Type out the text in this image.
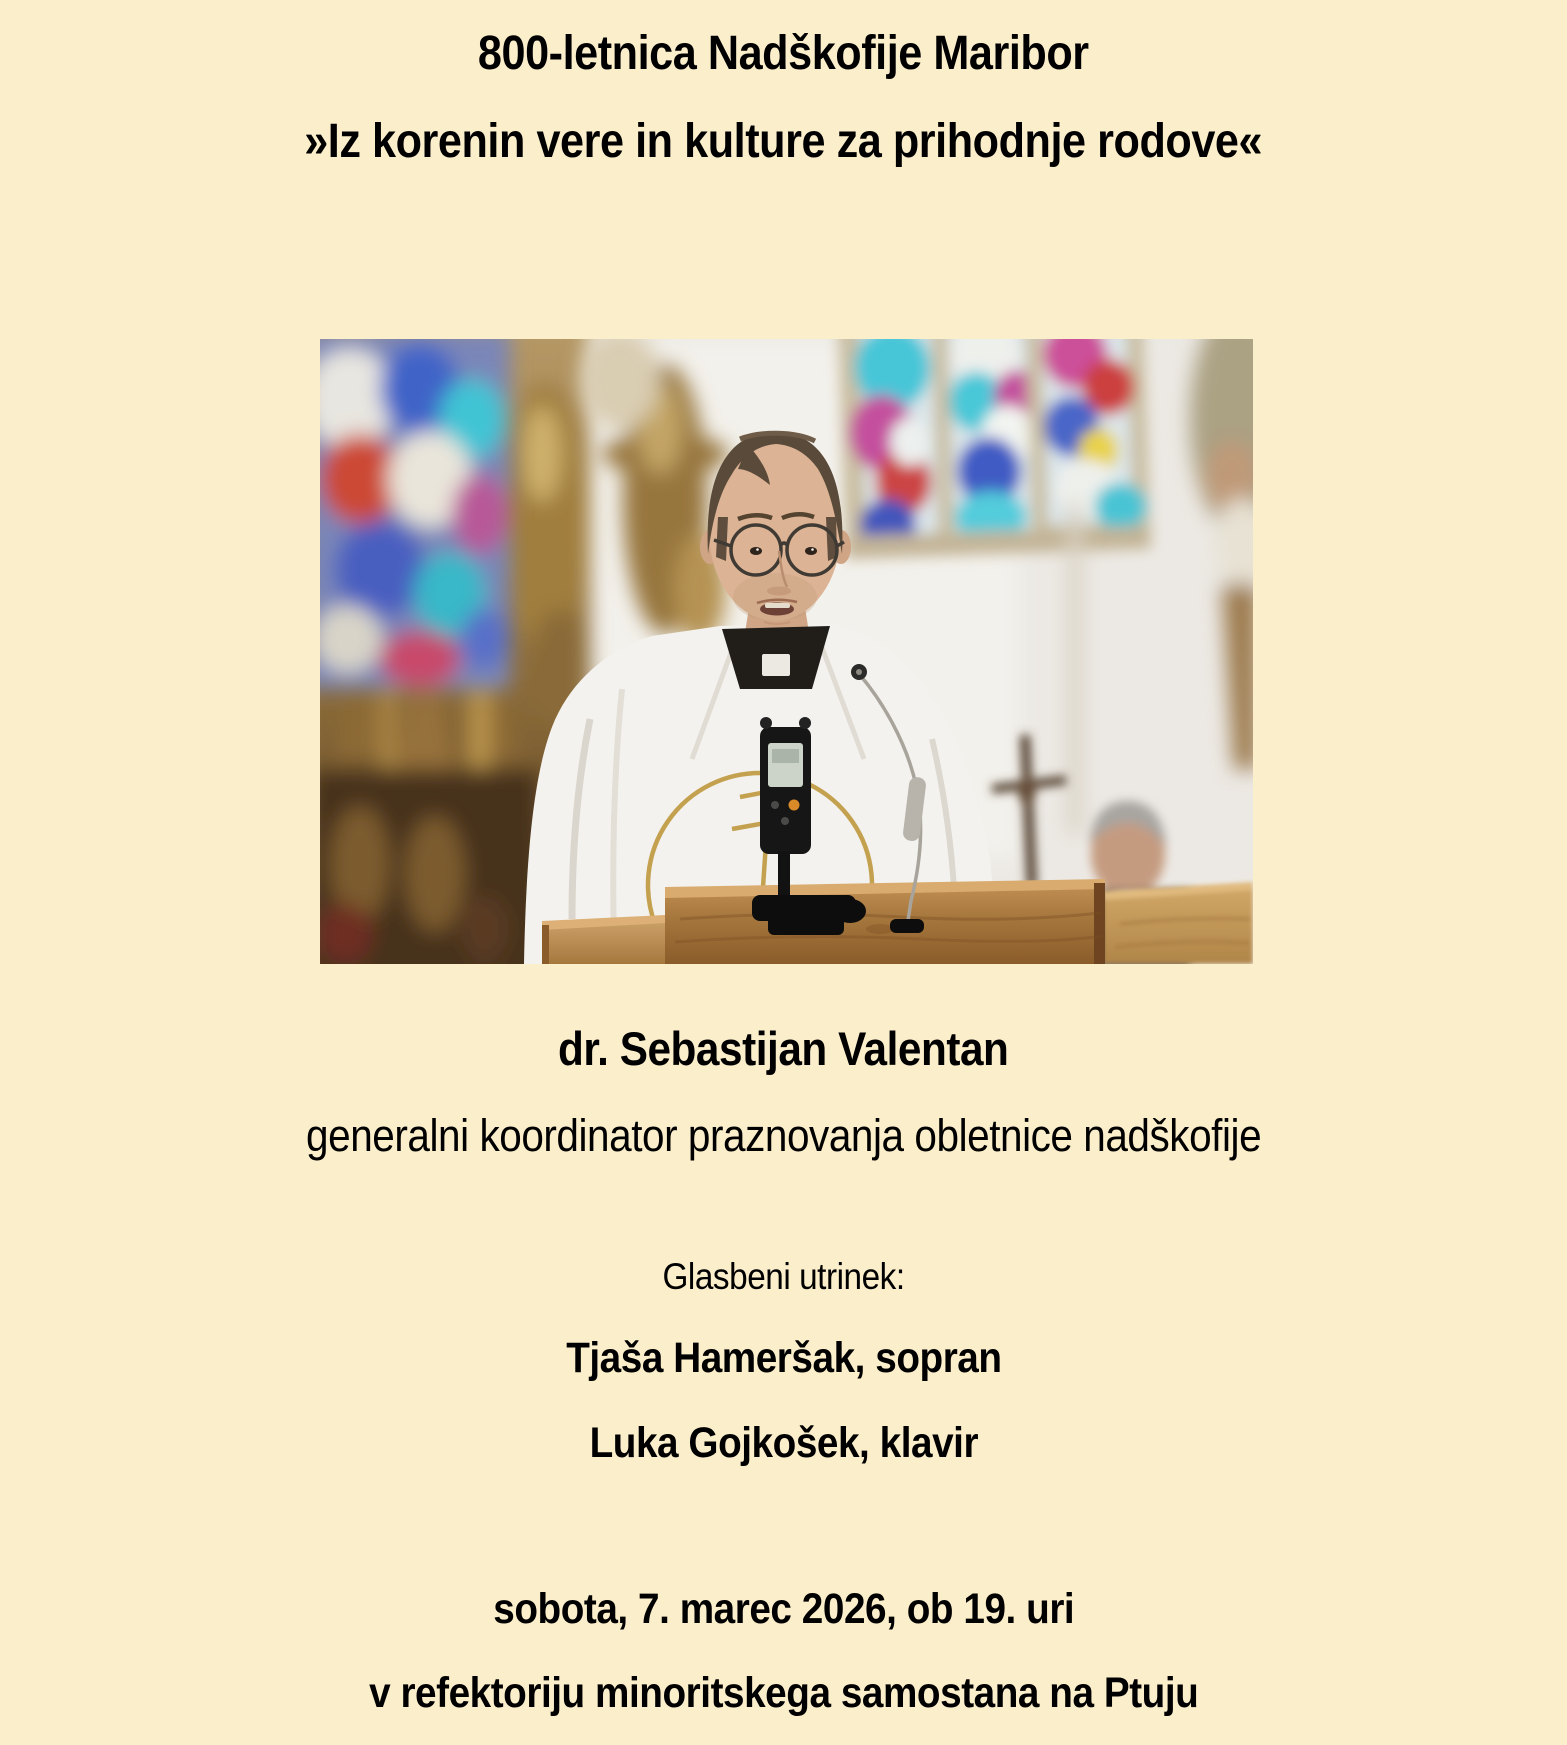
800-letnica Nadškofije Maribor
»Iz korenin vere in kulture za prihodnje rodove«
dr. Sebastijan Valentan
generalni koordinator praznovanja obletnice nadškofije
Glasbeni utrinek:
Tjaša Hameršak, sopran
Luka Gojkošek, klavir
sobota, 7. marec 2026, ob 19. uri
v refektoriju minoritskega samostana na Ptuju
